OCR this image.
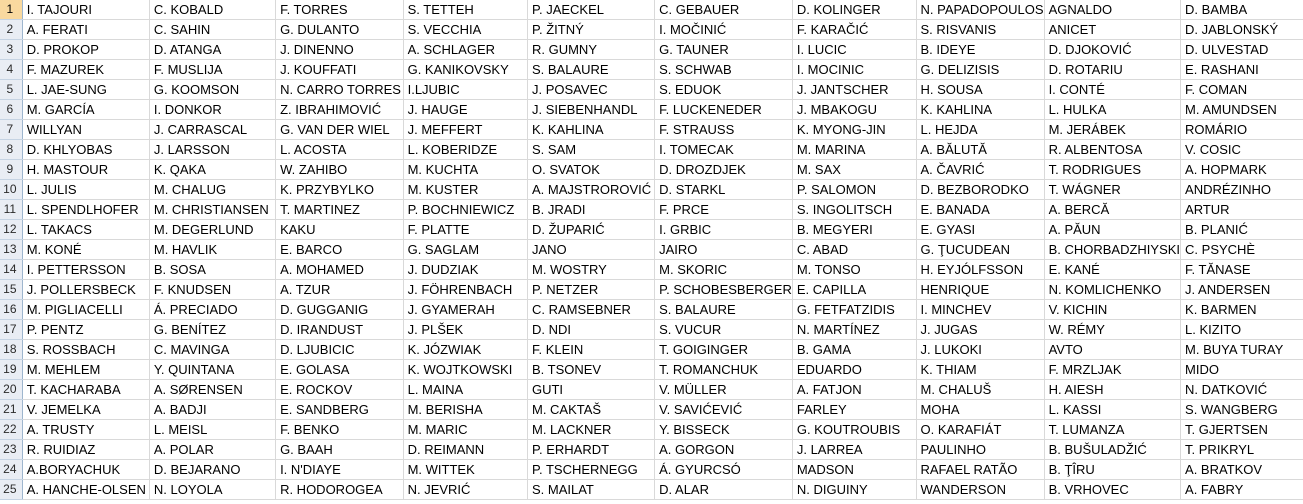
1	I. TAJOURI	C. KOBALD	F. TORRES	S. TETTEH	P. JAECKEL	C. GEBAUER	D. KOLINGER	N. PAPADOPOULOS	AGNALDO	D. BAMBA
2	A. FERATI	C. SAHIN	G. DULANTO	S. VECCHIA	P. ŽITNÝ	I. MOČINIĆ	F. KARAČIĆ	S. RISVANIS	ANICET	D. JABLONSKÝ
3	D. PROKOP	D. ATANGA	J. DINENNO	A. SCHLAGER	R. GUMNY	G. TAUNER	I. LUCIC	B. IDEYE	D. DJOKOVIĆ	D. ULVESTAD
4	F. MAZUREK	F. MUSLIJA	J. KOUFFATI	G. KANIKOVSKY	S. BALAURE	S. SCHWAB	I. MOCINIC	G. DELIZISIS	D. ROTARIU	E. RASHANI
5	L. JAE-SUNG	G. KOOMSON	N. CARRO TORRES	I.LJUBIC	J. POSAVEC	S. EDUOK	J. JANTSCHER	H. SOUSA	I. CONTÉ	F. COMAN
6	M. GARCÍA	I. DONKOR	Z. IBRAHIMOVIĆ	J. HAUGE	J. SIEBENHANDL	F. LUCKENEDER	J. MBAKOGU	K. KAHLINA	L. HULKA	M. AMUNDSEN
7	WILLYAN	J. CARRASCAL	G. VAN DER WIEL	J. MEFFERT	K. KAHLINA	F. STRAUSS	K. MYONG-JIN	L. HEJDA	M. JERÁBEK	ROMÁRIO
8	D. KHLYOBAS	J. LARSSON	L. ACOSTA	L. KOBERIDZE	S. SAM	I. TOMECAK	M. MARINA	A. BĂLUTĂ	R. ALBENTOSA	V. COSIC
9	H. MASTOUR	K. QAKA	W. ZAHIBO	M. KUCHTA	O. SVATOK	D. DROZDJEK	M. SAX	A. ČAVRIĆ	T. RODRIGUES	A. HOPMARK
10	L. JULIS	M. CHALUG	K. PRZYBYLKO	M. KUSTER	A. MAJSTROROVIĆ	D. STARKL	P. SALOMON	D. BEZBORODKO	T. WÁGNER	ANDRÉZINHO
11	L. SPENDLHOFER	M. CHRISTIANSEN	T. MARTINEZ	P. BOCHNIEWICZ	B. JRADI	F. PRCE	S. INGOLITSCH	E. BANADA	A. BERCĂ	ARTUR
12	L. TAKACS	M. DEGERLUND	KAKU	F. PLATTE	D. ŽUPARIĆ	I. GRBIC	B. MEGYERI	E. GYASI	A. PĂUN	B. PLANIĆ
13	M. KONÉ	M. HAVLIK	E. BARCO	G. SAGLAM	JANO	JAIRO	C. ABAD	G. ŢUCUDEAN	B. CHORBADZHIYSKI	C. PSYCHÈ
14	I. PETTERSSON	B. SOSA	A. MOHAMED	J. DUDZIAK	M. WOSTRY	M. SKORIC	M. TONSO	H. EYJÓLFSSON	E. KANÉ	F. TĂNASE
15	J. POLLERSBECK	F. KNUDSEN	A. TZUR	J. FÖHRENBACH	P. NETZER	P. SCHOBESBERGER	E. CAPILLA	HENRIQUE	N. KOMLICHENKO	J. ANDERSEN
16	M. PIGLIACELLI	Á. PRECIADO	D. GUGGANIG	J. GYAMERAH	C. RAMSEBNER	S. BALAURE	G. FETFATZIDIS	I. MINCHEV	V. KICHIN	K. BARMEN
17	P. PENTZ	G. BENÍTEZ	D. IRANDUST	J. PLŠEK	D. NDI	S. VUCUR	N. MARTÍNEZ	J. JUGAS	W. RÉMY	L. KIZITO
18	S. ROSSBACH	C. MAVINGA	D. LJUBICIC	K. JÓZWIAK	F. KLEIN	T. GOIGINGER	B. GAMA	J. LUKOKI	AVTO	M. BUYA TURAY
19	M. MEHLEM	Y. QUINTANA	E. GOLASA	K. WOJTKOWSKI	B. TSONEV	T. ROMANCHUK	EDUARDO	K. THIAM	F. MRZLJAK	MIDO
20	T. KACHARABA	A. SØRENSEN	E. ROCKOV	L. MAINA	GUTI	V. MÜLLER	A. FATJON	M. CHALUŠ	H. AIESH	N. DATKOVIĆ
21	V. JEMELKA	A. BADJI	E. SANDBERG	M. BERISHA	M. CAKTAŠ	V. SAVIĆEVIĆ	FARLEY	MOHA	L. KASSI	S. WANGBERG
22	A. TRUSTY	L. MEISL	F. BENKO	M. MARIC	M. LACKNER	Y. BISSECK	G. KOUTROUBIS	O. KARAFIÁT	T. LUMANZA	T. GJERTSEN
23	R. RUIDIAZ	A. POLAR	G. BAAH	D. REIMANN	P. ERHARDT	A. GORGON	J. LARREA	PAULINHO	B. BUŠULADŽIĆ	T. PRIKRYL
24	A.BORYACHUK	D. BEJARANO	I. N'DIAYE	M. WITTEK	P. TSCHERNEGG	Á. GYURCSÓ	MADSON	RAFAEL RATÃO	B. ŢÎRU	A. BRATKOV
25	A. HANCHE-OLSEN	N. LOYOLA	R. HODOROGEA	N. JEVRIĆ	S. MAILAT	D. ALAR	N. DIGUINY	WANDERSON	B. VRHOVEC	A. FABRY
